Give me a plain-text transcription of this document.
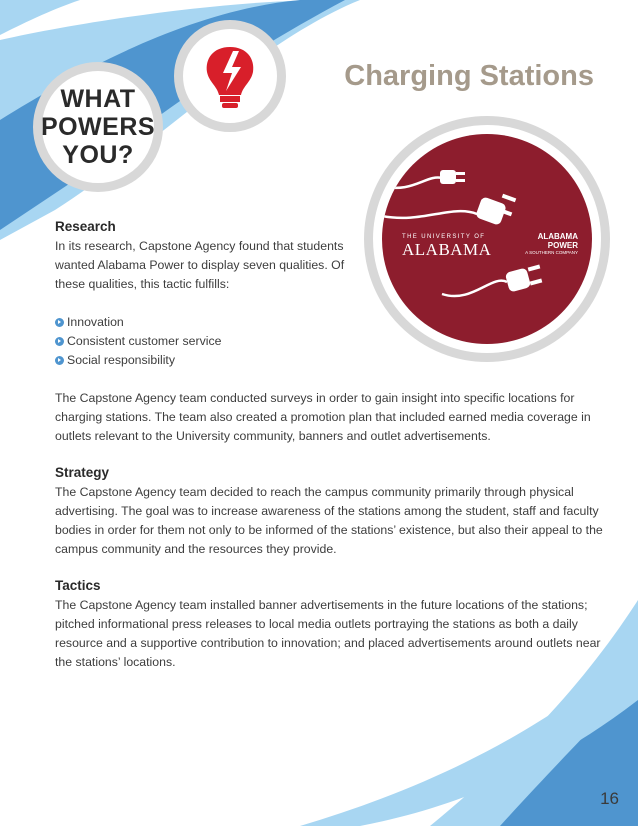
WHAT
POWERS
YOU?
Charging Stations
THE UNIVERSITY OF
ALABAMA
ALABAMA
POWER
A SOUTHERN COMPANY
Research

In its research, Capstone Agency found that students wanted Alabama Power to display seven qualities. Of these qualities, this tactic fulfills:

Innovation
Consistent customer service
Social responsibility

The Capstone Agency team conducted surveys in order to gain insight into specific locations for charging stations. The team also created a promotion plan that included earned media coverage in outlets relevant to the University community, banners and outlet advertisements.

Strategy

The Capstone Agency team decided to reach the campus community primarily through physical advertising. The goal was to increase awareness of the stations among the student, staff and faculty bodies in order for them not only to be informed of the stations’ existence, but also their appeal to the campus community and the resources they provide.

Tactics

The Capstone Agency team installed banner advertisements in the future locations of the stations; pitched informational press releases to local media outlets portraying the stations as both a daily resource and a supportive contribution to innovation; and placed advertisements around outlets near the stations’ locations.

16
